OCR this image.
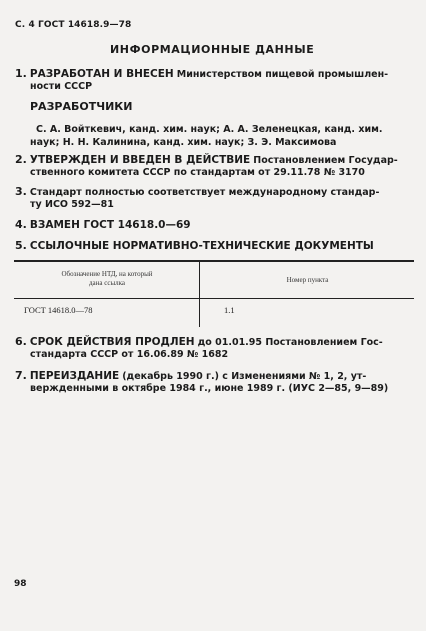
С. 4 ГОСТ 14618.9—78
ИНФОРМАЦИОННЫЕ ДАННЫЕ
1. РАЗРАБОТАН И ВНЕСЕН Министерством пищевой промышлен-
ности СССР
РАЗРАБОТЧИКИ
С. А. Войткевич, канд. хим. наук; А. А. Зеленецкая, канд. хим.
наук; Н. Н. Калинина, канд. хим. наук; З. Э. Максимова
2. УТВЕРЖДЕН И ВВЕДЕН В ДЕЙСТВИЕ Постановлением Государ-
ственного комитета СССР по стандартам от 29.11.78 № 3170
3. Стандарт полностью соответствует международному стандар-
ту ИСО 592—81
4. ВЗАМЕН ГОСТ 14618.0—69
5. ССЫЛОЧНЫЕ НОРМАТИВНО-ТЕХНИЧЕСКИЕ ДОКУМЕНТЫ
Обозначение НТД, на который
дана ссылка	Номер пункта
ГОСТ 14618.0—78	1.1
6. СРОК ДЕЙСТВИЯ ПРОДЛЕН до 01.01.95 Постановлением Гос-
стандарта СССР от 16.06.89 № 1682
7. ПЕРЕИЗДАНИЕ (декабрь 1990 г.) с Изменениями № 1, 2, ут-
вержденными в октябре 1984 г., июне 1989 г. (ИУС 2—85, 9—89)
98
